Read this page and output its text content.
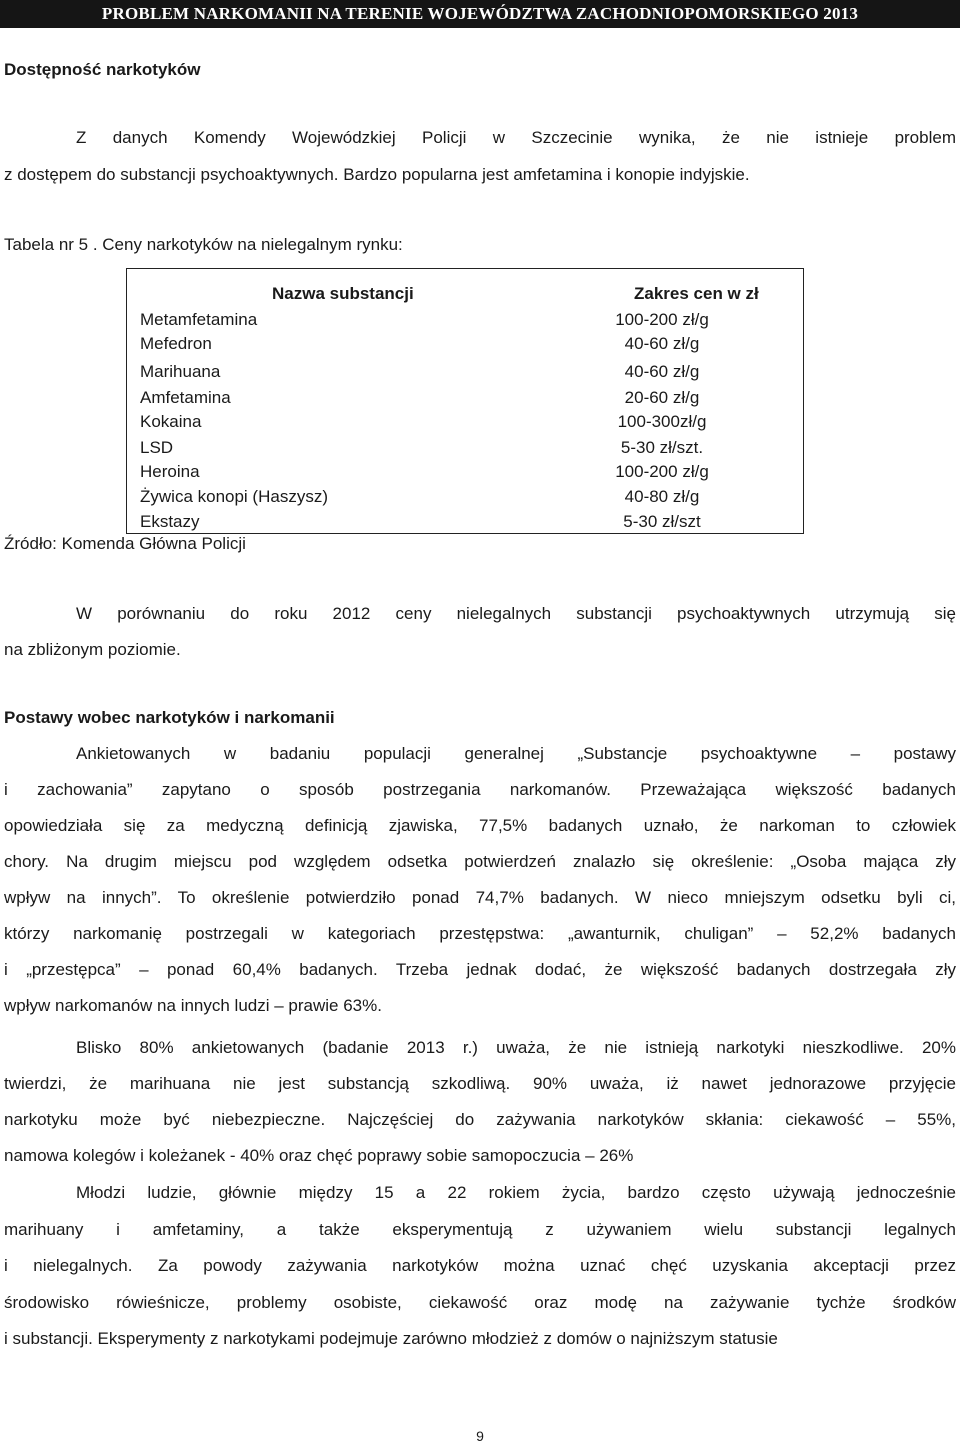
PROBLEM NARKOMANII NA TERENIE WOJEWÓDZTWA ZACHODNIOPOMORSKIEGO 2013
Dostępność narkotyków
Z danych Komendy Wojewódzkiej Policji w Szczecinie wynika, że nie istnieje problem
z dostępem do substancji psychoaktywnych. Bardzo popularna jest amfetamina i konopie indyjskie.
Tabela nr 5 . Ceny narkotyków na nielegalnym rynku:
Nazwa substancji	Zakres cen w zł
Metamfetamina	100-200 zł/g
Mefedron	40-60 zł/g
Marihuana	40-60 zł/g
Amfetamina	20-60 zł/g
Kokaina	100-300zł/g
LSD	5-30 zł/szt.
Heroina	100-200 zł/g
Żywica konopi (Haszysz)	40-80 zł/g
Ekstazy	5-30 zł/szt
Źródło: Komenda Główna Policji
W porównaniu do roku 2012 ceny nielegalnych substancji psychoaktywnych utrzymują się
na zbliżonym poziomie.
Postawy wobec narkotyków i narkomanii
Ankietowanych w badaniu populacji generalnej „Substancje psychoaktywne – postawy
i zachowania” zapytano o sposób postrzegania narkomanów. Przeważająca większość badanych
opowiedziała się za medyczną definicją zjawiska, 77,5% badanych uznało, że narkoman to człowiek
chory. Na drugim miejscu pod względem odsetka potwierdzeń znalazło się określenie: „Osoba mająca zły
wpływ na innych”. To określenie potwierdziło ponad 74,7% badanych. W nieco mniejszym odsetku byli ci,
którzy narkomanię postrzegali w kategoriach przestępstwa: „awanturnik, chuligan” – 52,2% badanych
i „przestępca” – ponad 60,4% badanych. Trzeba jednak dodać, że większość badanych dostrzegała zły
wpływ narkomanów na innych ludzi – prawie 63%.
Blisko 80% ankietowanych (badanie 2013 r.) uważa, że nie istnieją narkotyki nieszkodliwe. 20%
twierdzi, że marihuana nie jest substancją szkodliwą. 90% uważa, iż nawet jednorazowe przyjęcie
narkotyku może być niebezpieczne. Najczęściej do zażywania narkotyków skłania: ciekawość – 55%,
namowa kolegów i koleżanek - 40% oraz chęć poprawy sobie samopoczucia – 26%
Młodzi ludzie, głównie między 15 a 22 rokiem życia, bardzo często używają jednocześnie
marihuany i amfetaminy, a także eksperymentują z używaniem wielu substancji legalnych
i nielegalnych. Za powody zażywania narkotyków można uznać chęć uzyskania akceptacji przez
środowisko rówieśnicze, problemy osobiste, ciekawość oraz modę na zażywanie tychże środków
i substancji. Eksperymenty z narkotykami podejmuje zarówno młodzież z domów o najniższym statusie
9
